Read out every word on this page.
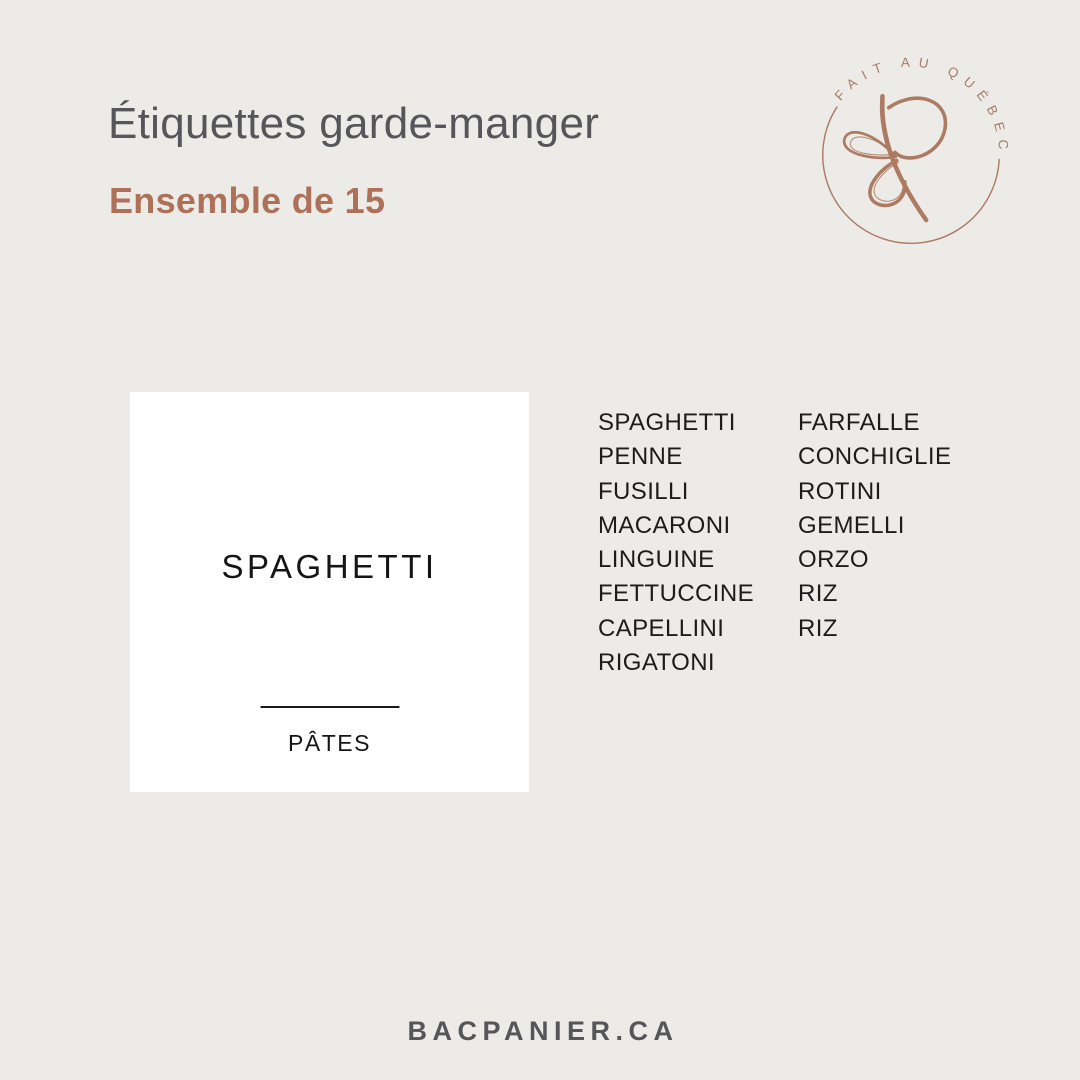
Étiquettes garde-manger

Ensemble de 15

FAIT AU QUÉBEC
SPAGHETTI
PÂTES
SPAGHETTI
PENNE
FUSILLI
MACARONI
LINGUINE
FETTUCCINE
CAPELLINI
RIGATONI
FARFALLE
CONCHIGLIE
ROTINI
GEMELLI
ORZO
RIZ
RIZ

BACPANIER.CA
